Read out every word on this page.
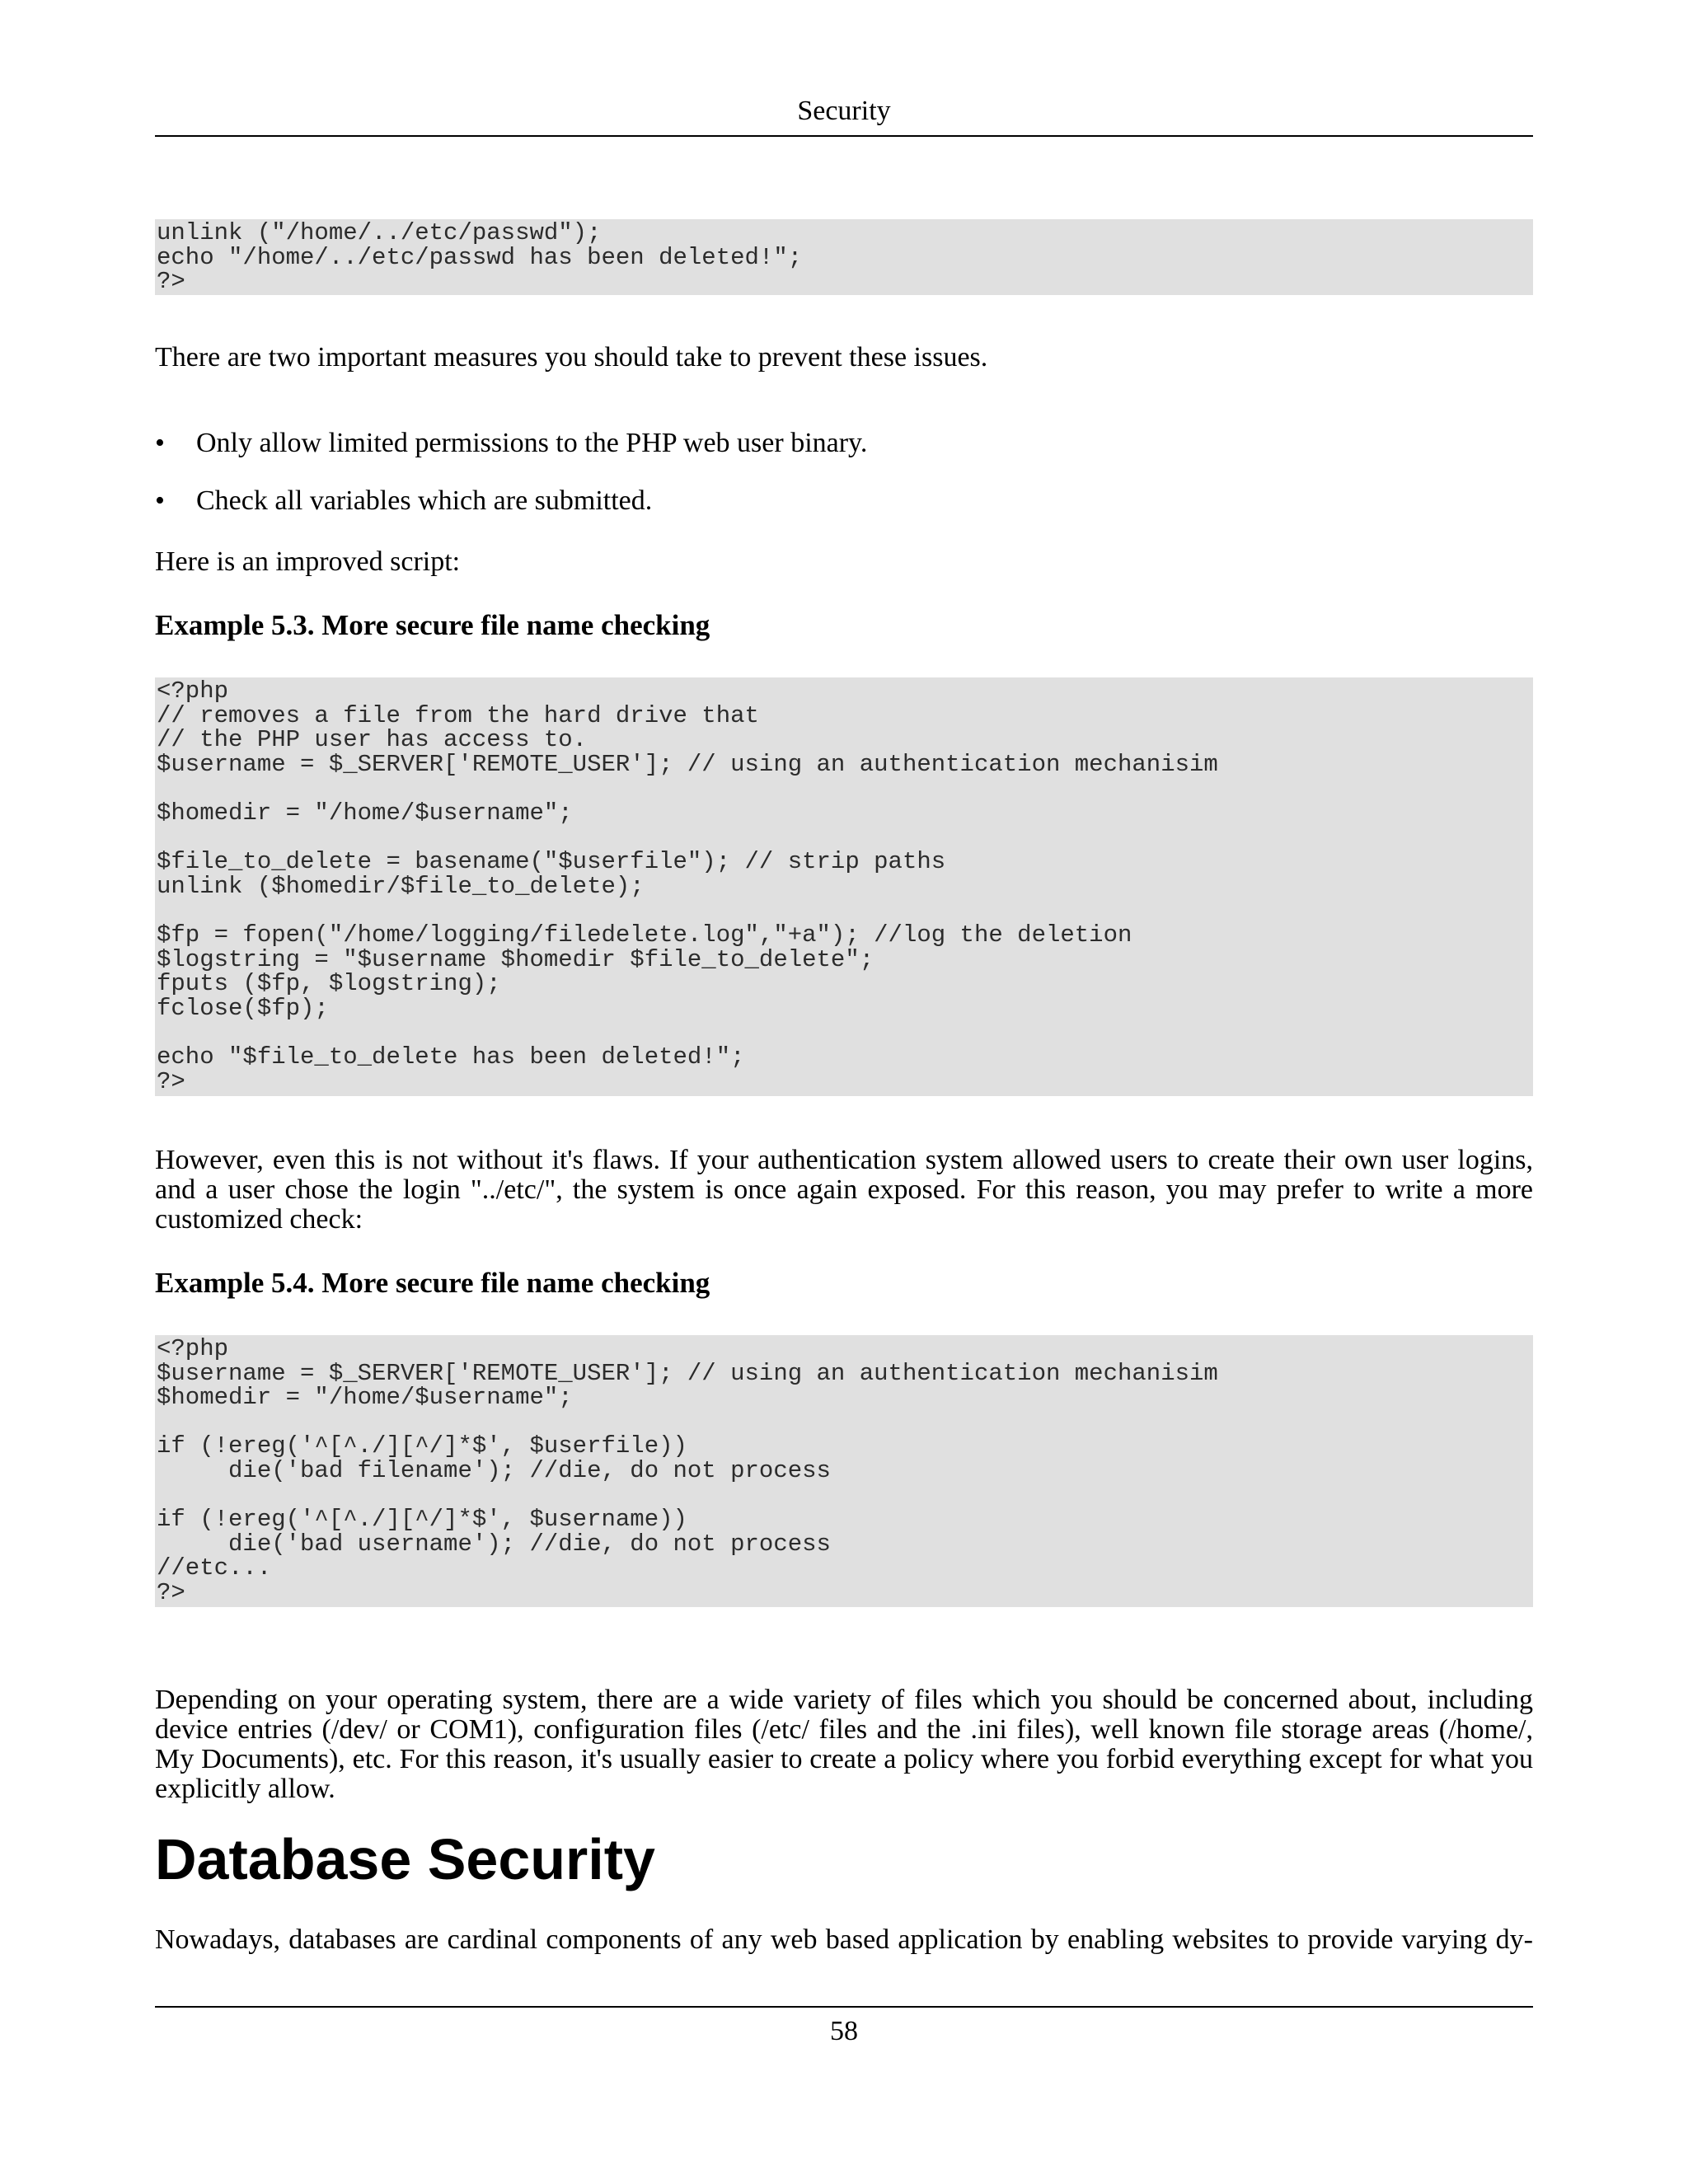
Security
unlink ("/home/../etc/passwd");
echo "/home/../etc/passwd has been deleted!";
?>

There are two important measures you should take to prevent these issues.

• Only allow limited permissions to the PHP web user binary.
• Check all variables which are submitted.

Here is an improved script:

Example 5.3. More secure file name checking
<?php
// removes a file from the hard drive that
// the PHP user has access to.
$username = $_SERVER['REMOTE_USER']; // using an authentication mechanisim

$homedir = "/home/$username";

$file_to_delete = basename("$userfile"); // strip paths
unlink ($homedir/$file_to_delete);

$fp = fopen("/home/logging/filedelete.log","+a"); //log the deletion
$logstring = "$username $homedir $file_to_delete";
fputs ($fp, $logstring);
fclose($fp);

echo "$file_to_delete has been deleted!";
?>

However, even this is not without it's flaws. If your authentication system allowed users to create their own user logins, and a user chose the login "../etc/", the system is once again exposed. For this reason, you may prefer to write a more customized check:

Example 5.4. More secure file name checking
<?php
$username = $_SERVER['REMOTE_USER']; // using an authentication mechanisim
$homedir = "/home/$username";

if (!ereg('^[^./][^/]*$', $userfile))
die('bad filename'); //die, do not process

if (!ereg('^[^./][^/]*$', $username))
die('bad username'); //die, do not process
//etc...
?>

Depending on your operating system, there are a wide variety of files which you should be concerned about, including device entries (/dev/ or COM1), configuration files (/etc/ files and the .ini files), well known file storage areas (/home/, My Documents), etc. For this reason, it's usually easier to create a policy where you forbid everything except for what you explicitly allow.

Database Security

Nowadays, databases are cardinal components of any web based application by enabling websites to provide varying dy-

58
